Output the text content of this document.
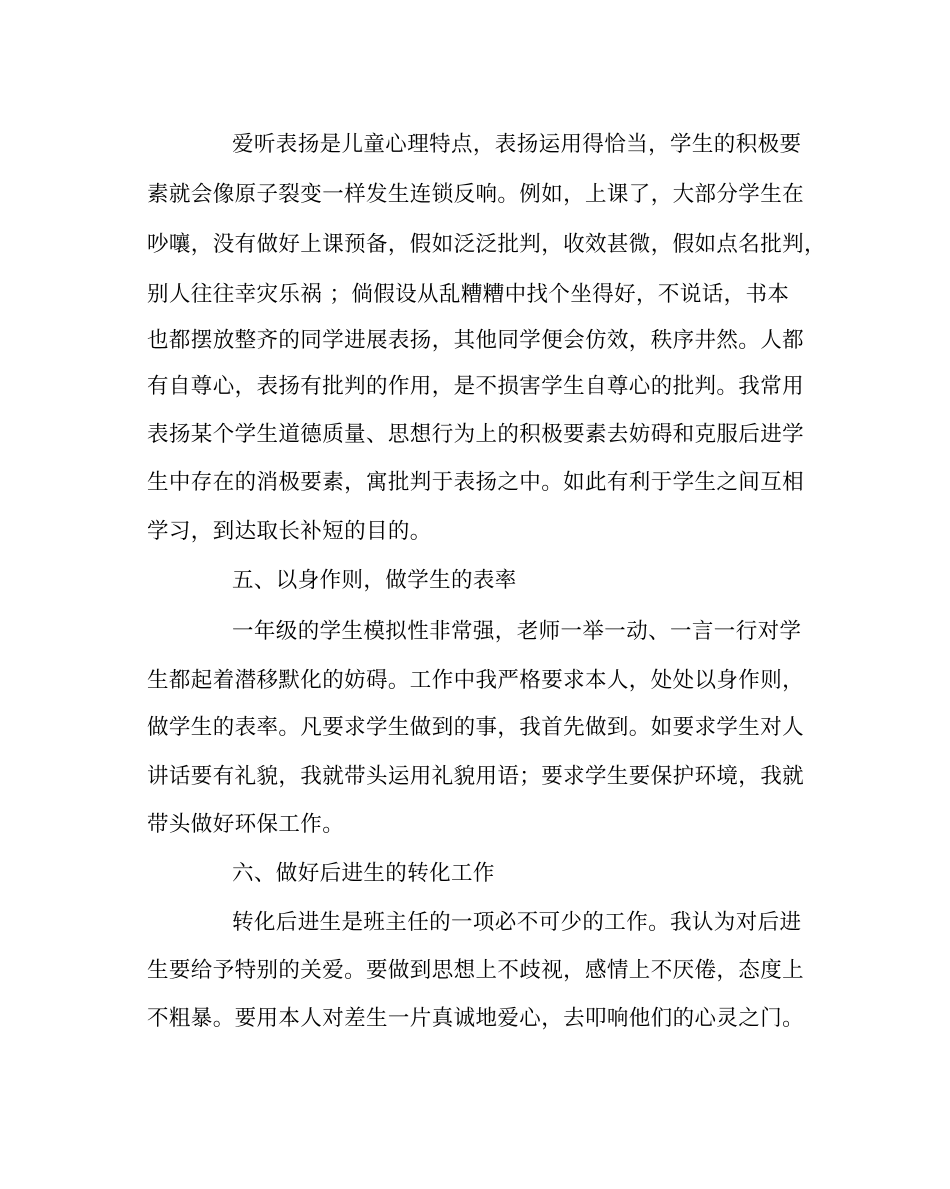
爱听表扬是儿童心理特点，表扬运用得恰当，学生的积极要
素就会像原子裂变一样发生连锁反响。例如，上课了，大部分学生在
吵嚷，没有做好上课预备，假如泛泛批判，收效甚微，假如点名批判，
别人往往幸灾乐祸 ；倘假设从乱糟糟中找个坐得好，不说话，书本
也都摆放整齐的同学进展表扬，其他同学便会仿效，秩序井然。人都
有自尊心，表扬有批判的作用，是不损害学生自尊心的批判。我常用
表扬某个学生道德质量、思想行为上的积极要素去妨碍和克服后进学
生中存在的消极要素，寓批判于表扬之中。如此有利于学生之间互相
学习，到达取长补短的目的。
五、以身作则，做学生的表率
一年级的学生模拟性非常强，老师一举一动、一言一行对学
生都起着潜移默化的妨碍。工作中我严格要求本人，处处以身作则，
做学生的表率。凡要求学生做到的事，我首先做到。如要求学生对人
讲话要有礼貌，我就带头运用礼貌用语；要求学生要保护环境，我就
带头做好环保工作。
六、做好后进生的转化工作
转化后进生是班主任的一项必不可少的工作。我认为对后进
生要给予特别的关爱。要做到思想上不歧视，感情上不厌倦，态度上
不粗暴。要用本人对差生一片真诚地爱心，去叩响他们的心灵之门。
